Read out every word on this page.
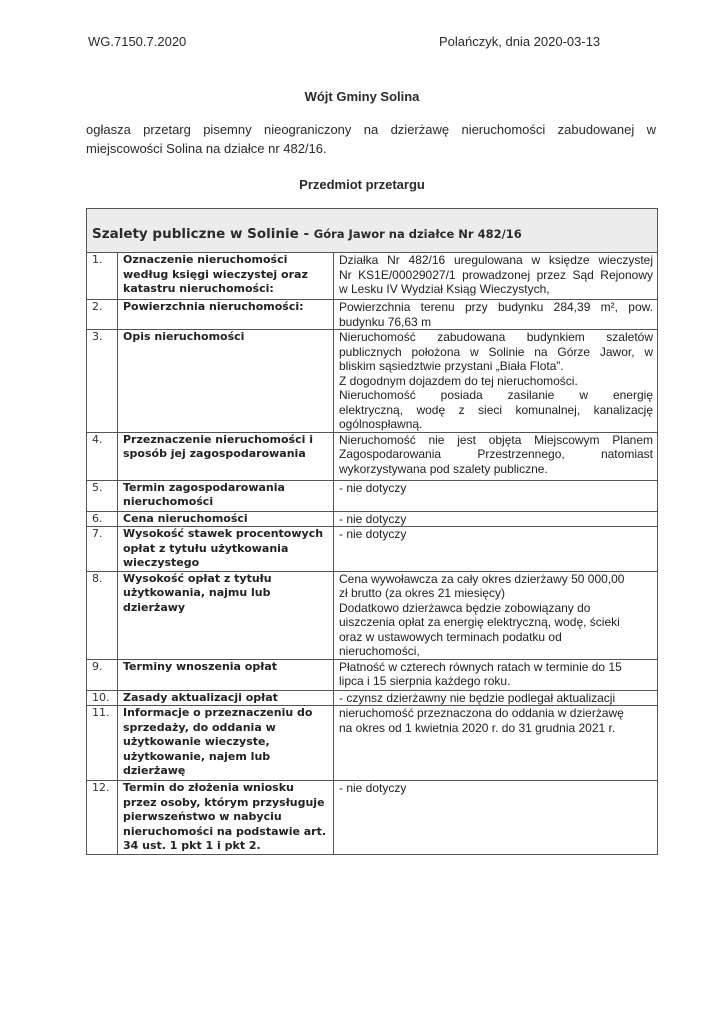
WG.7150.7.2020	Polańczyk, dnia 2020-03-13
Wójt Gminy Solina
ogłasza przetarg pisemny nieograniczony na dzierżawę nieruchomości zabudowanej w
miejscowości Solina na działce nr 482/16.
Przedmiot przetargu
Szalety publiczne w Solinie - Góra Jawor na działce Nr 482/16		
1.	Oznaczenie nieruchomości według księgi wieczystej oraz katastru nieruchomości:	Działka Nr 482/16 uregulowana w księdze wieczystej
Nr KS1E/00029027/1 prowadzonej przez Sąd Rejonowy
w Lesku IV Wydział Ksiąg Wieczystych,

2.	Powierzchnia nieruchomości:	Powierzchnia terenu przy budynku 284,39 m², pow.
budynku 76,63 m

3.	Opis nieruchomości	Nieruchomość zabudowana budynkiem szaletów
publicznych położona w Solinie na Górze Jawor, w
bliskim sąsiedztwie przystani „Biała Flota”.
Z dogodnym dojazdem do tej nieruchomości.
Nieruchomość posiada zasilanie w energię
elektryczną, wodę z sieci komunalnej, kanalizację
ogólnospławną.

4.	Przeznaczenie nieruchomości i sposób jej zagospodarowania	Nieruchomość nie jest objęta Miejscowym Planem
Zagospodarowania Przestrzennego, natomiast
wykorzystywana pod szalety publiczne.

5.	Termin zagospodarowania nieruchomości	- nie dotyczy

6.	Cena nieruchomości	- nie dotyczy

7.	Wysokość stawek procentowych opłat z tytułu użytkowania wieczystego	- nie dotyczy

8.	Wysokość opłat z tytułu użytkowania, najmu lub dzierżawy	
Cena wywoławcza za cały okres dzierżawy 50 000,00
zł brutto (za okres 21 miesięcy)
Dodatkowo dzierżawca będzie zobowiązany do
uiszczenia opłat za energię elektryczną, wodę, ścieki
oraz w ustawowych terminach podatku od
nieruchomości,

9.	Terminy wnoszenia opłat	Płatność w czterech równych ratach w terminie do 15
lipca i 15 sierpnia każdego roku.

10.	Zasady aktualizacji opłat	- czynsz dzierżawny nie będzie podlegał aktualizacji

11.	Informacje o przeznaczeniu do sprzedaży, do oddania w użytkowanie wieczyste, użytkowanie, najem lub dzierżawę	nieruchomość przeznaczona do oddania w dzierżawę
na okres od 1 kwietnia 2020 r. do 31 grudnia 2021 r.

12.	Termin do złożenia wniosku przez osoby, którym przysługuje pierwszeństwo w nabyciu nieruchomości na podstawie art. 34 ust. 1 pkt 1 i pkt 2.	- nie dotyczy
